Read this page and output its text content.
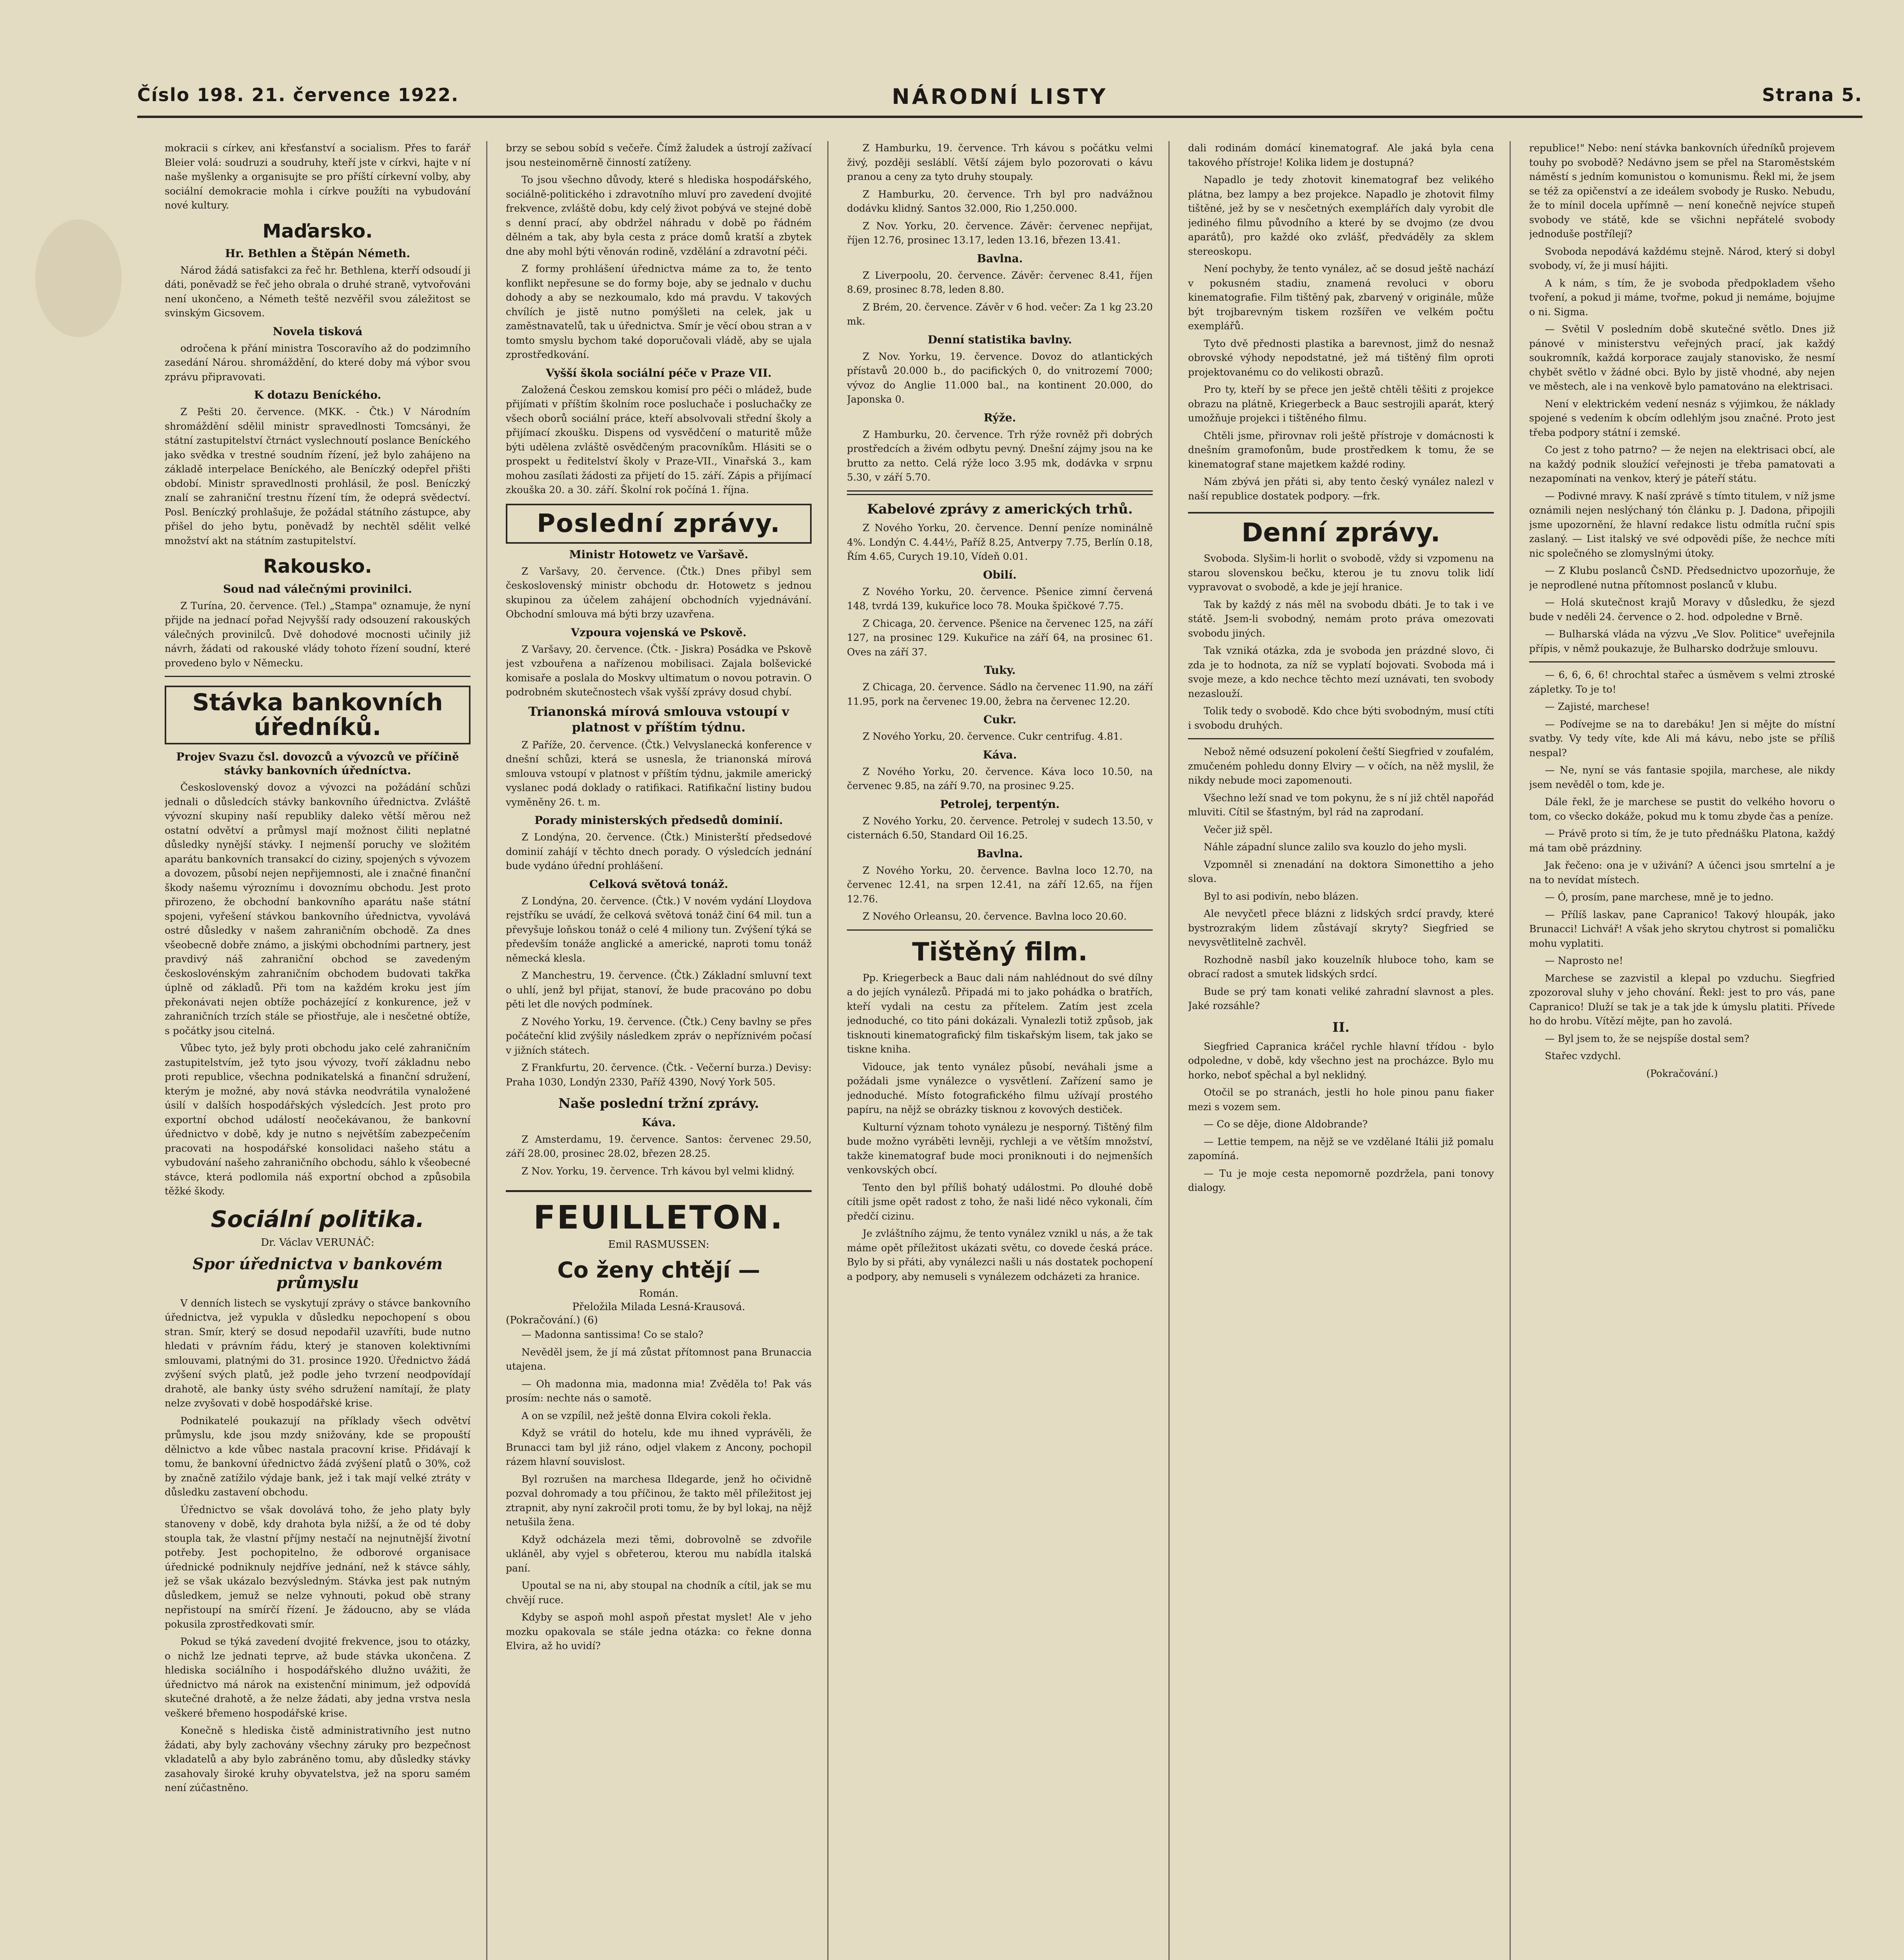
Číslo 198. 21. července 1922.	NÁRODNÍ LISTY	Strana 5.

mokracii s církev, ani křesťanství a socialism. Přes to farář Bleier volá: soudruzi a soudruhy, kteří jste v církvi, hajte v ní naše myšlenky a organisujte se pro příští církevní volby, aby sociální demokracie mohla i církve použíti na vybudování nové kultury.

Maďarsko.
Hr. Bethlen a Štěpán Németh.

Národ žádá satisfakci za řeč hr. Bethlena, kterří odsoudí ji dáti, poněvadž se řeč jeho obrala o druhé straně, vytvořováni není ukončeno, a Németh teště nezvěřil svou záležitost se svinským Gicsovem.

Novela tisková

odročena k přání ministra Toscoravího až do podzimního zasedání Nárou. shromáždění, do které doby má výbor svou zprávu připravovati.

K dotazu Beníckého.

Z Pešti 20. července. (MKK. - Čtk.) V Národním shromáždění sdělil ministr spravedlnosti Tomcsányi, že státní zastupitelství čtrnáct vyslechnoutí poslance Beníckého jako svědka v trestné soudním řízení, jež bylo zahájeno na základě interpelace Beníckého, ale Beníczký odepřel přišti období. Ministr spravedlnosti prohlásil, že posl. Beníczký znalí se zahraniční trestnu řízení tím, že odeprá svědectví. Posl. Beníczký prohlašuje, že požádal státního zástupce, aby přišel do jeho bytu, poněvadž by nechtěl sdělit velké množství akt na státním zastupitelství.

Rakousko.
Soud nad válečnými provinilci.

Z Turína, 20. července. (Tel.) „Stampa" oznamuje, že nyní přijde na jednací pořad Nejvyšší rady odsouzení rakouských válečných provinilců. Dvě dohodové mocnosti učinily již návrh, žádati od rakouské vlády tohoto řízení soudní, které provedeno bylo v Německu.

Stávka bankovních úředníků.
Projev Svazu čsl. dovozců a vývozců ve příčině stávky bankovních úředníctva.

Československý dovoz a vývozci na požádání schůzi jednali o důsledcích stávky bankovního úřednictva. Zvláště vývozní skupiny naší republiky daleko větší měrou než ostatní odvětví a průmysl mají možnost čiliti neplatné důsledky nynější stávky. I nejmenší poruchy ve složitém aparátu bankovních transakcí do ciziny, spojených s vývozem a dovozem, působí nejen nepřijemnosti, ale i značné finanční škody našemu výroznímu i dovoznímu obchodu. Jest proto přirozeno, že obchodní bankovního aparátu naše státní spojeni, vyřešení stávkou bankovního úřednictva, vyvolává ostré důsledky v našem zahraničním obchodě. Za dnes všeobecně dobře známo, a jiskými obchodními partnery, jest pravdivý náš zahraniční obchod se zavedeným českoslovénským zahraničním obchodem budovati takřka úplně od základů. Při tom na každém kroku jest jím překonávati nejen obtíže pocházející z konkurence, jež v zahraničních trzích stále se přiostřuje, ale i nesčetné obtíže, s počátky jsou citelná.

Vůbec tyto, jež byly proti obchodu jako celé zahraničním zastupitelstvím, jež tyto jsou vývozy, tvoří základnu nebo proti republice, všechna podnikatelská a finanční sdružení, kterým je možné, aby nová stávka neodvrátila vynaložené úsilí v dalších hospodářských výsledcích. Jest proto pro exportní obchod událostí neočekávanou, že bankovní úřednictvo v době, kdy je nutno s největším zabezpečením pracovati na hospodářské konsolidaci našeho státu a vybudování našeho zahraničního obchodu, sáhlo k všeobecné stávce, která podlomila náš exportní obchod a způsobila těžké škody.

Sociální politika.
Dr. Václav VERUNÁČ:
Spor úřednictva v bankovém průmyslu

V denních listech se vyskytují zprávy o stávce bankovního úřednictva, jež vypukla v důsledku nepochopení s obou stran. Smír, který se dosud nepodařil uzavříti, bude nutno hledati v právním řádu, který je stanoven kolektivními smlouvami, platnými do 31. prosince 1920. Úřednictvo žádá zvýšení svých platů, jež podle jeho tvrzení neodpovídají drahotě, ale banky ústy svého sdružení namítají, že platy nelze zvyšovati v době hospodářské krise.

Podnikatelé poukazují na příklady všech odvětví průmyslu, kde jsou mzdy snižovány, kde se propouští dělnictvo a kde vůbec nastala pracovní krise. Přidávají k tomu, že bankovní úřednictvo žádá zvýšení platů o 30%, což by značně zatížilo výdaje bank, jež i tak mají velké ztráty v důsledku zastavení obchodu.

Úřednictvo se však dovolává toho, že jeho platy byly stanoveny v době, kdy drahota byla nižší, a že od té doby stoupla tak, že vlastní příjmy nestačí na nejnutnější životní potřeby. Jest pochopitelno, že odborové organisace úřednické podniknuly nejdříve jednání, než k stávce sáhly, jež se však ukázalo bezvýsledným. Stávka jest pak nutným důsledkem, jemuž se nelze vyhnouti, pokud obě strany nepřistoupí na smírčí řízení. Je žádoucno, aby se vláda pokusila zprostředkovati smír.

Pokud se týká zavedení dvojité frekvence, jsou to otázky, o nichž lze jednati teprve, až bude stávka ukončena. Z hlediska sociálního i hospodářského dlužno uvážiti, že úřednictvo má nárok na existenční minimum, jež odpovídá skutečné drahotě, a že nelze žádati, aby jedna vrstva nesla veškeré břemeno hospodářské krise.

Konečně s hlediska čistě administrativního jest nutno žádati, aby byly zachovány všechny záruky pro bezpečnost vkladatelů a aby bylo zabráněno tomu, aby důsledky stávky zasahovaly široké kruhy obyvatelstva, jež na sporu samém není zúčastněno.

brzy se sebou sobíd s večeře. Čímž žaludek a ústrojí zažívací jsou nesteinoměrně činností zatíženy.

To jsou všechno důvody, které s hlediska hospodářského, sociálně-politického i zdravotního mluví pro zavedení dvojité frekvence, zvláště dobu, kdy celý život pobývá ve stejné době s denní prací, aby obdržel náhradu v době po řádném dělném a tak, aby byla cesta z práce domů kratší a zbytek dne aby mohl býti věnován rodině, vzdělání a zdravotní péči.

Z formy prohlášení úřednictva máme za to, že tento konflikt nepřesune se do formy boje, aby se jednalo v duchu dohody a aby se nezkoumalo, kdo má pravdu. V takových chvílích je jistě nutno pomýšleti na celek, jak u zaměstnavatelů, tak u úřednictva. Smír je věcí obou stran a v tomto smyslu bychom také doporučovali vládě, aby se ujala zprostředkování.

Vyšší škola sociální péče v Praze VII.

Založená Českou zemskou komisí pro péči o mládež, bude přijímati v příštím školním roce posluchače i posluchačky ze všech oborů sociální práce, kteří absolvovali střední školy a přijímací zkoušku. Dispens od vysvědčení o maturitě může býti udělena zvláště osvědčeným pracovníkům. Hlásiti se o prospekt u ředitelství školy v Praze-VII., Vinařská 3., kam mohou zasílati žádosti za přijetí do 15. září. Zápis a přijímací zkouška 20. a 30. září. Školní rok počíná 1. října.

Poslední zprávy.
Ministr Hotowetz ve Varšavě.

Z Varšavy, 20. července. (Čtk.) Dnes přibyl sem československý ministr obchodu dr. Hotowetz s jednou skupinou za účelem zahájení obchodních vyjednávání. Obchodní smlouva má býti brzy uzavřena.

Vzpoura vojenská ve Pskově.

Z Varšavy, 20. července. (Čtk. - Jiskra) Posádka ve Pskově jest vzbouřena a nařízenou mobilisaci. Zajala bolševické komisaře a poslala do Moskvy ultimatum o novou potravin. O podrobném skutečnostech však vyšší zprávy dosud chybí.

Trianonská mírová smlouva vstoupí v platnost v příštím týdnu.

Z Paříže, 20. července. (Čtk.) Velvyslanecká konference v dnešní schůzi, která se usnesla, že trianonská mírová smlouva vstoupí v platnost v příštím týdnu, jakmile americký vyslanec podá doklady o ratifikaci. Ratifikační listiny budou vyměněny 26. t. m.

Porady ministerských předsedů dominií.

Z Londýna, 20. července. (Čtk.) Ministerští předsedové dominií zahájí v těchto dnech porady. O výsledcích jednání bude vydáno úřední prohlášení.

Celková světová tonáž.

Z Londýna, 20. července. (Čtk.) V novém vydání Lloydova rejstříku se uvádí, že celková světová tonáž činí 64 mil. tun a převyšuje loňskou tonáž o celé 4 miliony tun. Zvýšení týká se především tonáže anglické a americké, naproti tomu tonáž německá klesla.

Z Manchestru, 19. července. (Čtk.) Základní smluvní text o uhlí, jenž byl přijat, stanoví, že bude pracováno po dobu pěti let dle nových podmínek.

Z Nového Yorku, 19. července. (Čtk.) Ceny bavlny se přes počáteční klid zvýšily následkem zpráv o nepříznivém počasí v jižních státech.

Z Frankfurtu, 20. července. (Čtk. - Večerní burza.) Devisy: Praha 1030, Londýn 2330, Paříž 4390, Nový York 505.

Naše poslední tržní zprávy.
Káva.

Z Amsterdamu, 19. července. Santos: červenec 29.50, září 28.00, prosinec 28.02, březen 28.25.

Z Nov. Yorku, 19. července. Trh kávou byl velmi klidný.

FEUILLETON.
Emil RASMUSSEN:
Co ženy chtějí —
Román.
Přeložila Milada Lesná-Krausová.
(Pokračování.) (6)

— Madonna santissima! Co se stalo?

Nevěděl jsem, že jí má zůstat přítomnost pana Brunaccia utajena.

— Oh madonna mia, madonna mia! Zvěděla to! Pak vás prosím: nechte nás o samotě.

A on se vzpílil, než ještě donna Elvira cokoli řekla.

Když se vrátil do hotelu, kde mu ihned vyprávěli, že Brunacci tam byl již ráno, odjel vlakem z Ancony, pochopil rázem hlavní souvislost.

Byl rozrušen na marchesa Ildegarde, jenž ho očividně pozval dohromady a tou příčinou, že takto měl příležitost jej ztrapnit, aby nyní zakročil proti tomu, že by byl lokaj, na nějž netušila žena.

Když odcházela mezi těmi, dobrovolně se zdvořile ukláněl, aby vyjel s obřeterou, kterou mu nabídla italská paní.

Upoutal se na ni, aby stoupal na chodník a cítil, jak se mu chvějí ruce.

Kdyby se aspoň mohl aspoň přestat myslet! Ale v jeho mozku opakovala se stále jedna otázka: co řekne donna Elvira, až ho uvidí?

Z Hamburku, 19. července. Trh kávou s počátku velmi živý, později sesláblí. Větší zájem bylo pozorovati o kávu pranou a ceny za tyto druhy stoupaly.

Z Hamburku, 20. července. Trh byl pro nadvážnou dodávku klidný. Santos 32.000, Rio 1,250.000.

Z Nov. Yorku, 20. července. Závěr: červenec nepřijat, říjen 12.76, prosinec 13.17, leden 13.16, březen 13.41.

Bavlna.

Z Liverpoolu, 20. července. Závěr: červenec 8.41, říjen 8.69, prosinec 8.78, leden 8.80.

Z Brém, 20. července. Závěr v 6 hod. večer: Za 1 kg 23.20 mk.

Denní statistika bavlny.

Z Nov. Yorku, 19. července. Dovoz do atlantických přístavů 20.000 b., do pacifických 0, do vnitrozemí 7000; vývoz do Anglie 11.000 bal., na kontinent 20.000, do Japonska 0.

Rýže.

Z Hamburku, 20. července. Trh rýže rovněž při dobrých prostředcích a živém odbytu pevný. Dnešní zájmy jsou na ke brutto za netto. Celá rýže loco 3.95 mk, dodávka v srpnu 5.30, v září 5.70.

Kabelové zprávy z amerických trhů.

Z Nového Yorku, 20. července. Denní peníze nominálně 4%. Londýn C. 4.44½, Paříž 8.25, Antverpy 7.75, Berlín 0.18, Řím 4.65, Curych 19.10, Vídeň 0.01.

Obilí.

Z Nového Yorku, 20. července. Pšenice zimní červená 148, tvrdá 139, kukuřice loco 78. Mouka špičkové 7.75.

Z Chicaga, 20. července. Pšenice na červenec 125, na září 127, na prosinec 129. Kukuřice na září 64, na prosinec 61. Oves na září 37.

Tuky.

Z Chicaga, 20. července. Sádlo na červenec 11.90, na září 11.95, pork na červenec 19.00, žebra na červenec 12.20.

Cukr.

Z Nového Yorku, 20. července. Cukr centrifug. 4.81.

Káva.

Z Nového Yorku, 20. července. Káva loco 10.50, na červenec 9.85, na září 9.70, na prosinec 9.25.

Petrolej, terpentýn.

Z Nového Yorku, 20. července. Petrolej v sudech 13.50, v cisternách 6.50, Standard Oil 16.25.

Bavlna.

Z Nového Yorku, 20. července. Bavlna loco 12.70, na červenec 12.41, na srpen 12.41, na září 12.65, na říjen 12.76.

Z Nového Orleansu, 20. července. Bavlna loco 20.60.

Tištěný film.

Pp. Kriegerbeck a Bauc dali nám nahlédnout do své dílny a do jejích vynálezů. Připadá mi to jako pohádka o bratřích, kteří vydali na cestu za přítelem. Zatím jest zcela jednoduché, co tito páni dokázali. Vynalezli totiž způsob, jak tisknouti kinematografický film tiskařským lisem, tak jako se tiskne kniha.

Vidouce, jak tento vynález působí, neváhali jsme a požádali jsme vynálezce o vysvětlení. Zařízení samo je jednoduché. Místo fotografického filmu užívají prostého papíru, na nějž se obrázky tisknou z kovových destiček.

Kulturní význam tohoto vynálezu je nesporný. Tištěný film bude možno vyráběti levněji, rychleji a ve větším množství, takže kinematograf bude moci proniknouti i do nejmenších venkovských obcí.

Tento den byl příliš bohatý událostmi. Po dlouhé době cítili jsme opět radost z toho, že naši lidé něco vykonali, čím předčí cizinu.

Je zvláštního zájmu, že tento vynález vznikl u nás, a že tak máme opět příležitost ukázati světu, co dovede česká práce. Bylo by si přáti, aby vynálezci našli u nás dostatek pochopení a podpory, aby nemuseli s vynálezem odcházeti za hranice.

dali rodinám domácí kinematograf. Ale jaká byla cena takového přístroje! Kolika lidem je dostupná?

Napadlo je tedy zhotovit kinematograf bez velikého plátna, bez lampy a bez projekce. Napadlo je zhotovit filmy tištěné, jež by se v nesčetných exemplářích daly vyrobit dle jediného filmu původního a které by se dvojmo (ze dvou aparátů), pro každé oko zvlášť, předváděly za sklem stereoskopu.

Není pochyby, že tento vynález, ač se dosud ještě nachází v pokusném stadiu, znamená revoluci v oboru kinematografie. Film tištěný pak, zbarvený v originále, může být trojbarevným tiskem rozšířen ve velkém počtu exemplářů.

Tyto dvě přednosti plastika a barevnost, jimž do nesnaž obrovské výhody nepodstatné, jež má tištěný film oproti projektovanému co do velikosti obrazů.

Pro ty, kteří by se přece jen ještě chtěli těšiti z projekce obrazu na plátně, Kriegerbeck a Bauc sestrojili aparát, který umožňuje projekci i tištěného filmu.

Chtěli jsme, přirovnav roli ještě přístroje v domácnosti k dnešním gramofonům, bude prostředkem k tomu, že se kinematograf stane majetkem každé rodiny.

Nám zbývá jen přáti si, aby tento český vynález nalezl v naší republice dostatek podpory. —frk.

Denní zprávy.

Svoboda. Slyšim-li horlit o svobodě, vždy si vzpomenu na starou slovenskou bečku, kterou je tu znovu tolik lidí vypravovat o svobodě, a kde je její hranice.

Tak by každý z nás měl na svobodu dbáti. Je to tak i ve státě. Jsem-li svobodný, nemám proto práva omezovati svobodu jiných.

Tak vzniká otázka, zda je svoboda jen prázdné slovo, či zda je to hodnota, za níž se vyplatí bojovati. Svoboda má i svoje meze, a kdo nechce těchto mezí uznávati, ten svobody nezaslouží.

Tolik tedy o svobodě. Kdo chce býti svobodným, musí ctíti i svobodu druhých.

Nebož němé odsuzení pokolení čeští Siegfried v zoufalém, zmučeném pohledu donny Elviry — v očích, na něž myslil, že nikdy nebude moci zapomenouti.

Všechno leží snad ve tom pokynu, že s ní již chtěl napořád mluviti. Cítil se šťastným, byl rád na zaprodaní.

Večer již spěl.

Náhle západní slunce zalilo sva kouzlo do jeho mysli.

Vzpomněl si znenadání na doktora Simonettiho a jeho slova.

Byl to asi podivín, nebo blázen.

Ale nevyčetl přece blázni z lidských srdcí pravdy, které bystrozrakým lidem zůstávají skryty? Siegfried se nevysvětlitelně zachvěl.

Rozhodně nasbíl jako kouzelník hluboce toho, kam se obrací radost a smutek lidských srdcí.

Bude se prý tam konati veliké zahradní slavnost a ples. Jaké rozsáhle?

II.

Siegfried Capranica kráčel rychle hlavní třídou - bylo odpoledne, v době, kdy všechno jest na procházce. Bylo mu horko, neboť spěchal a byl neklidný.

Otočil se po stranách, jestli ho hole pinou panu fiaker mezi s vozem sem.

— Co se děje, dione Aldobrande?

— Lettie tempem, na nějž se ve vzdělané Itálii již pomalu zapomíná.

— Tu je moje cesta nepomorně pozdržela, pani tonovy dialogy.

republice!" Nebo: není stávka bankovních úředníků projevem touhy po svobodě? Nedávno jsem se přel na Staroměstském náměstí s jedním komunistou o komunismu. Řekl mi, že jsem se též za opičenství a ze ideálem svobody je Rusko. Nebudu, že to mínil docela upřímně — není konečně nejvíce stupeň svobody ve státě, kde se všichni nepřátelé svobody jednoduše postřílejí?

Svoboda nepodává každému stejně. Národ, který si dobyl svobody, ví, že ji musí hájiti.

A k nám, s tím, že je svoboda předpokladem všeho tvoření, a pokud ji máme, tvořme, pokud ji nemáme, bojujme o ni. Sigma.

— Světil V posledním době skutečné světlo. Dnes již pánové v ministerstvu veřejných prací, jak každý soukromník, každá korporace zaujaly stanovisko, že nesmí chybět světlo v žádné obci. Bylo by jistě vhodné, aby nejen ve městech, ale i na venkově bylo pamatováno na elektrisaci.

Není v elektrickém vedení nesnáz s výjimkou, že náklady spojené s vedením k obcím odlehlým jsou značné. Proto jest třeba podpory státní i zemské.

Co jest z toho patrno? — že nejen na elektrisaci obcí, ale na každý podnik sloužící veřejnosti je třeba pamatovati a nezapomínati na venkov, který je páteří státu.

— Podivné mravy. K naší zprávě s tímto titulem, v níž jsme oznámili nejen neslýchaný tón článku p. J. Dadona, připojili jsme upozornění, že hlavní redakce listu odmítla ruční spis zaslaný. — List italský ve své odpovědi píše, že nechce míti nic společného se zlomyslnými útoky.

— Z Klubu poslanců ČsND. Předsednictvo upozorňuje, že je neprodlené nutna přítomnost poslanců v klubu.

— Holá skutečnost krajů Moravy v důsledku, že sjezd bude v neděli 24. července o 2. hod. odpoledne v Brně.

— Bulharská vláda na výzvu „Ve Slov. Politice" uveřejnila přípis, v němž poukazuje, že Bulharsko dodržuje smlouvu.

— 6, 6, 6, 6! chrochtal stařec a úsměvem s velmi ztroské zápletky. To je to!

— Zajisté, marchese!

— Podívejme se na to darebáku! Jen si mějte do místní svatby. Vy tedy víte, kde Ali má kávu, nebo jste se příliš nespal?

— Ne, nyní se vás fantasie spojila, marchese, ale nikdy jsem nevěděl o tom, kde je.

Dále řekl, že je marchese se pustit do velkého hovoru o tom, co všecko dokáže, pokud mu k tomu zbyde čas a peníze.

— Právě proto si tím, že je tuto přednášku Platona, každý má tam obě prázdniny.

Jak řečeno: ona je v uživání? A účenci jsou smrtelní a je na to nevídat místech.

— Ó, prosím, pane marchese, mně je to jedno.

— Přílíš laskav, pane Capranico! Takový hloupák, jako Brunacci! Lichvář! A však jeho skrytou chytrost si pomaličku mohu vyplatiti.

— Naprosto ne!

Marchese se zazvistil a klepal po vzduchu. Siegfried zpozoroval sluhy v jeho chování. Řekl: jest to pro vás, pane Capranico! Dluží se tak je a tak jde k úmyslu platiti. Přívede ho do hrobu. Vítězí mějte, pan ho zavolá.

— Byl jsem to, že se nejspíše dostal sem?

Stařec vzdychl.

(Pokračování.)
